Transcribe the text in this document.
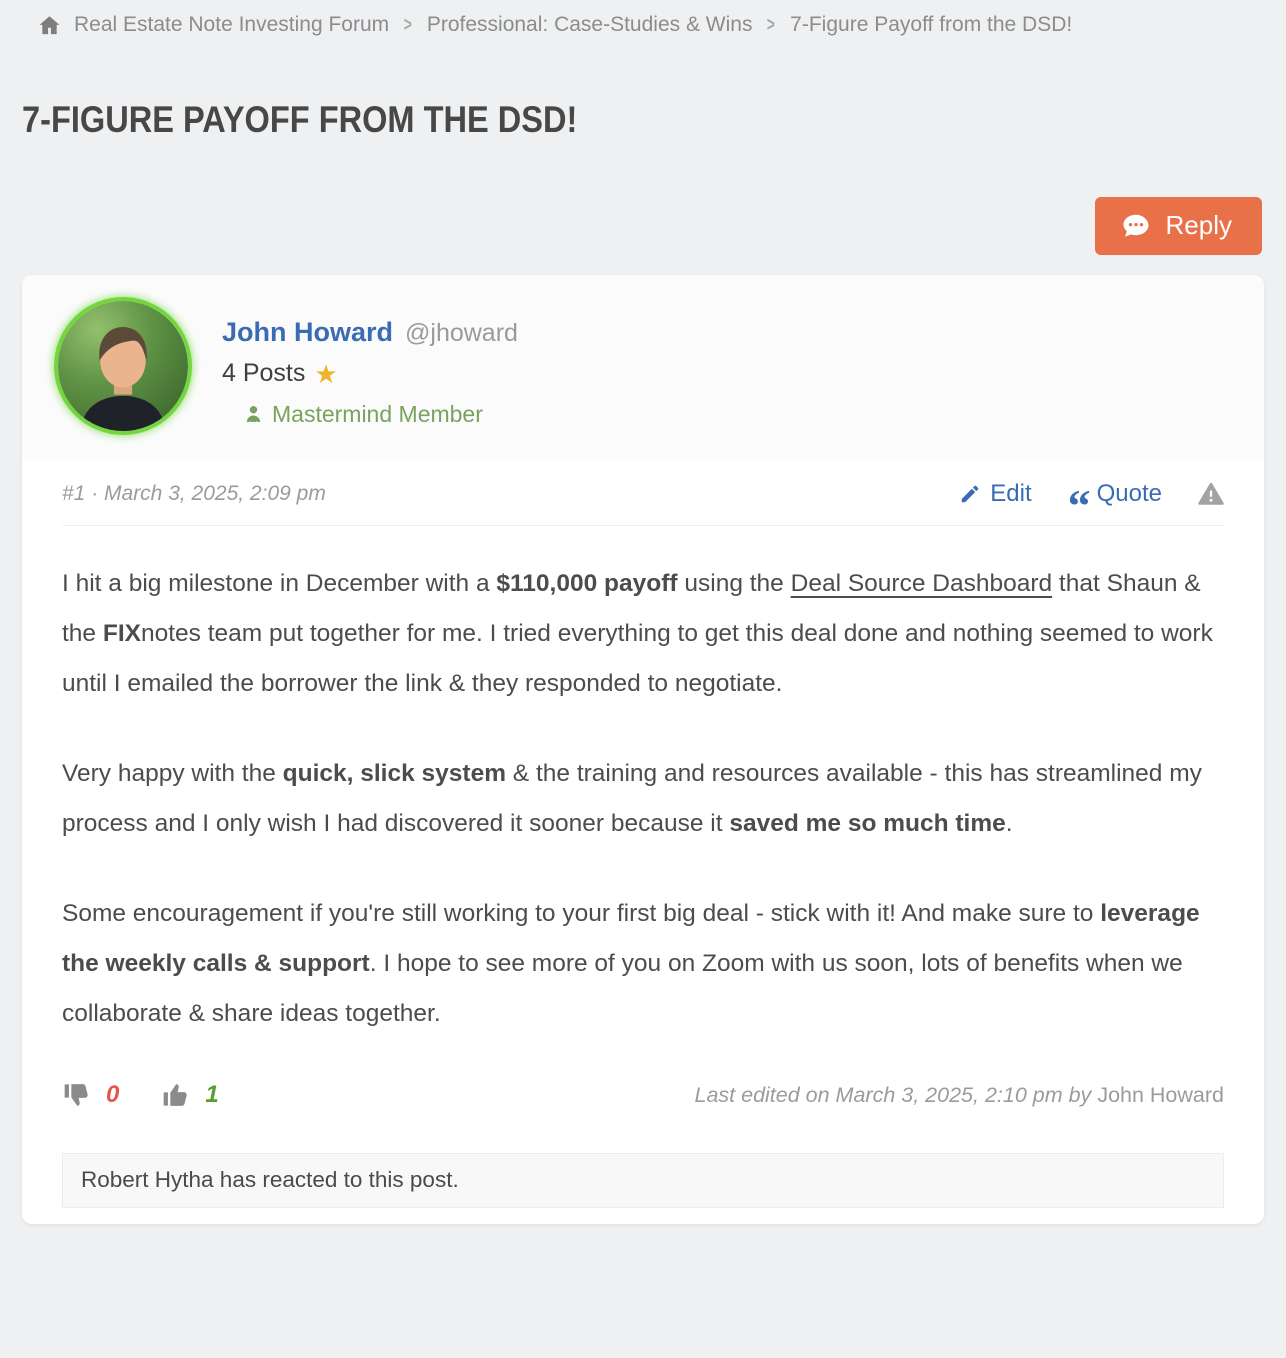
Real Estate Note Investing Forum > Professional: Case-Studies & Wins > 7-Figure Payoff from the DSD!
7-FIGURE PAYOFF FROM THE DSD!
Reply
John Howard @jhoward
4 Posts ★
Mastermind Member
#1 · March 3, 2025, 2:09 pm	Edit “ Quote

I hit a big milestone in December with a $110,000 payoff using the Deal Source Dashboard that Shaun & the FIXnotes team put together for me. I tried everything to get this deal done and nothing seemed to work until I emailed the borrower the link & they responded to negotiate.

Very happy with the quick, slick system & the training and resources available - this has streamlined my process and I only wish I had discovered it sooner because it saved me so much time.

Some encouragement if you're still working to your first big deal - stick with it! And make sure to leverage the weekly calls & support. I hope to see more of you on Zoom with us soon, lots of benefits when we collaborate & share ideas together.

0	1	Last edited on March 3, 2025, 2:10 pm by John Howard
Robert Hytha has reacted to this post.
